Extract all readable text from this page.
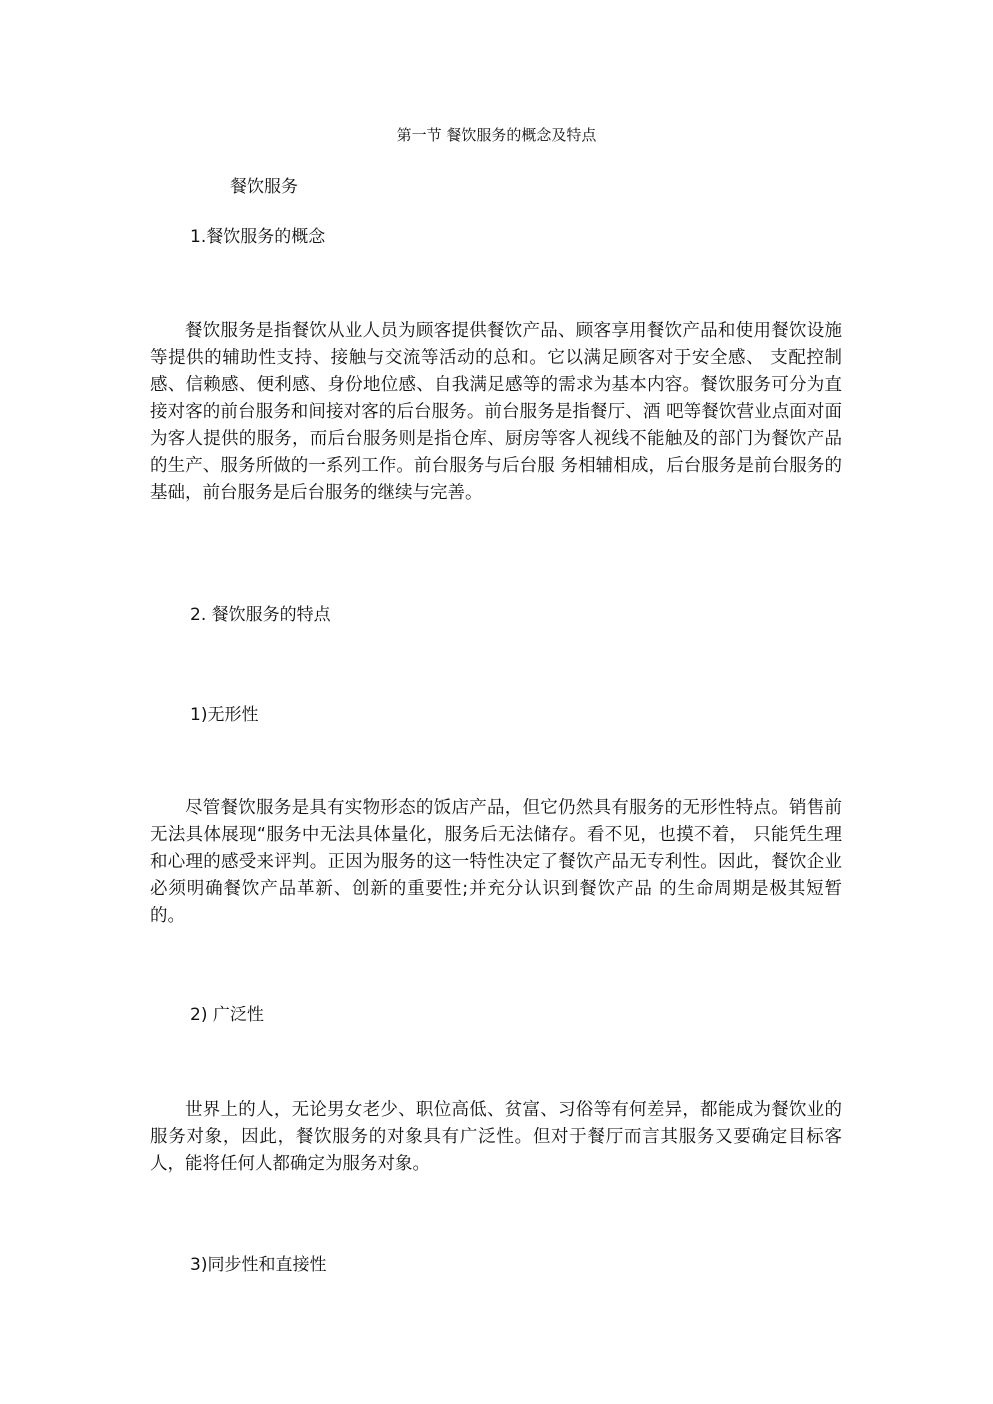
第一节 餐饮服务的概念及特点
餐饮服务
1.餐饮服务的概念

餐饮服务是指餐饮从业人员为顾客提供餐饮产品、顾客享用餐饮产品和使用餐饮设施等提供的辅助性支持、接触与交流等活动的总和。它以满足顾客对于安全感、 支配控制感、信赖感、便利感、身份地位感、自我满足感等的需求为基本内容。餐饮服务可分为直接对客的前台服务和间接对客的后台服务。前台服务是指餐厅、酒 吧等餐饮营业点面对面为客人提供的服务，而后台服务则是指仓库、厨房等客人视线不能触及的部门为餐饮产品的生产、服务所做的一系列工作。前台服务与后台服 务相辅相成，后台服务是前台服务的基础，前台服务是后台服务的继续与完善。

2. 餐饮服务的特点
1)无形性

尽管餐饮服务是具有实物形态的饭店产品，但它仍然具有服务的无形性特点。销售前无法具体展现“服务中无法具体量化，服务后无法储存。看不见，也摸不着， 只能凭生理和心理的感受来评判。正因为服务的这一特性决定了餐饮产品无专利性。因此，餐饮企业必须明确餐饮产品革新、创新的重要性;并充分认识到餐饮产品 的生命周期是极其短暂的。

2) 广泛性

世界上的人，无论男女老少、职位高低、贫富、习俗等有何差异，都能成为餐饮业的服务对象，因此，餐饮服务的对象具有广泛性。但对于餐厅而言其服务又要确定目标客人，能将任何人都确定为服务对象。

3)同步性和直接性
